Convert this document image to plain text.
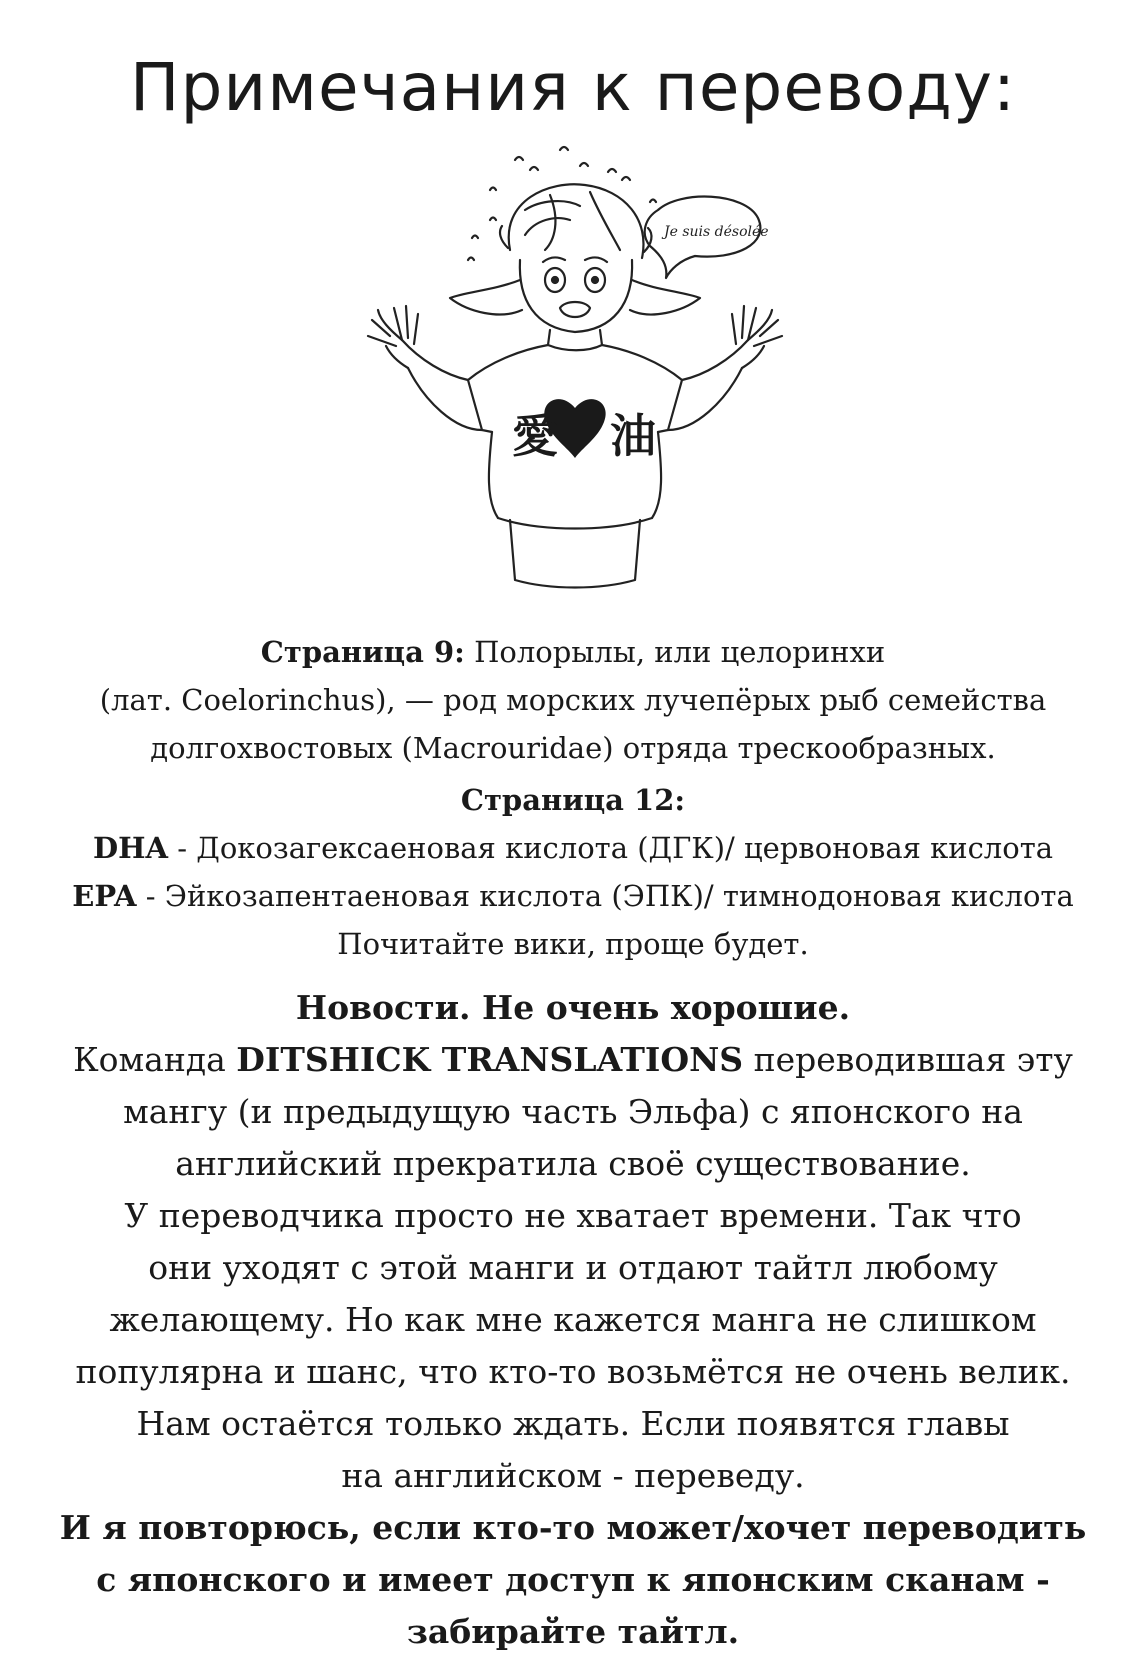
Примечания к переводу:
愛 油
Je suis désolée
Страница 9: Полорылы, или целоринхи
(лат. Coelorinchus), — род морских лучепёрых рыб семейства
долгохвостовых (Macrouridae) отряда трескообразных.
Страница 12:
DHA - Докозагексаеновая кислота (ДГК)/ цервоновая кислота
EPA - Эйкозапентаеновая кислота (ЭПК)/ тимнодоновая кислота
Почитайте вики, проще будет.
Новости. Не очень хорошие.
Команда DITSHICK TRANSLATIONS переводившая эту
мангу (и предыдущую часть Эльфа) с японского на
английский прекратила своё существование.
У переводчика просто не хватает времени. Так что
они уходят с этой манги и отдают тайтл любому
желающему. Но как мне кажется манга не слишком
популярна и шанс, что кто-то возьмётся не очень велик.
Нам остаётся только ждать. Если появятся главы
на английском - переведу.
И я повторюсь, если кто-то может/хочет переводить
с японского и имеет доступ к японским сканам -
забирайте тайтл.
